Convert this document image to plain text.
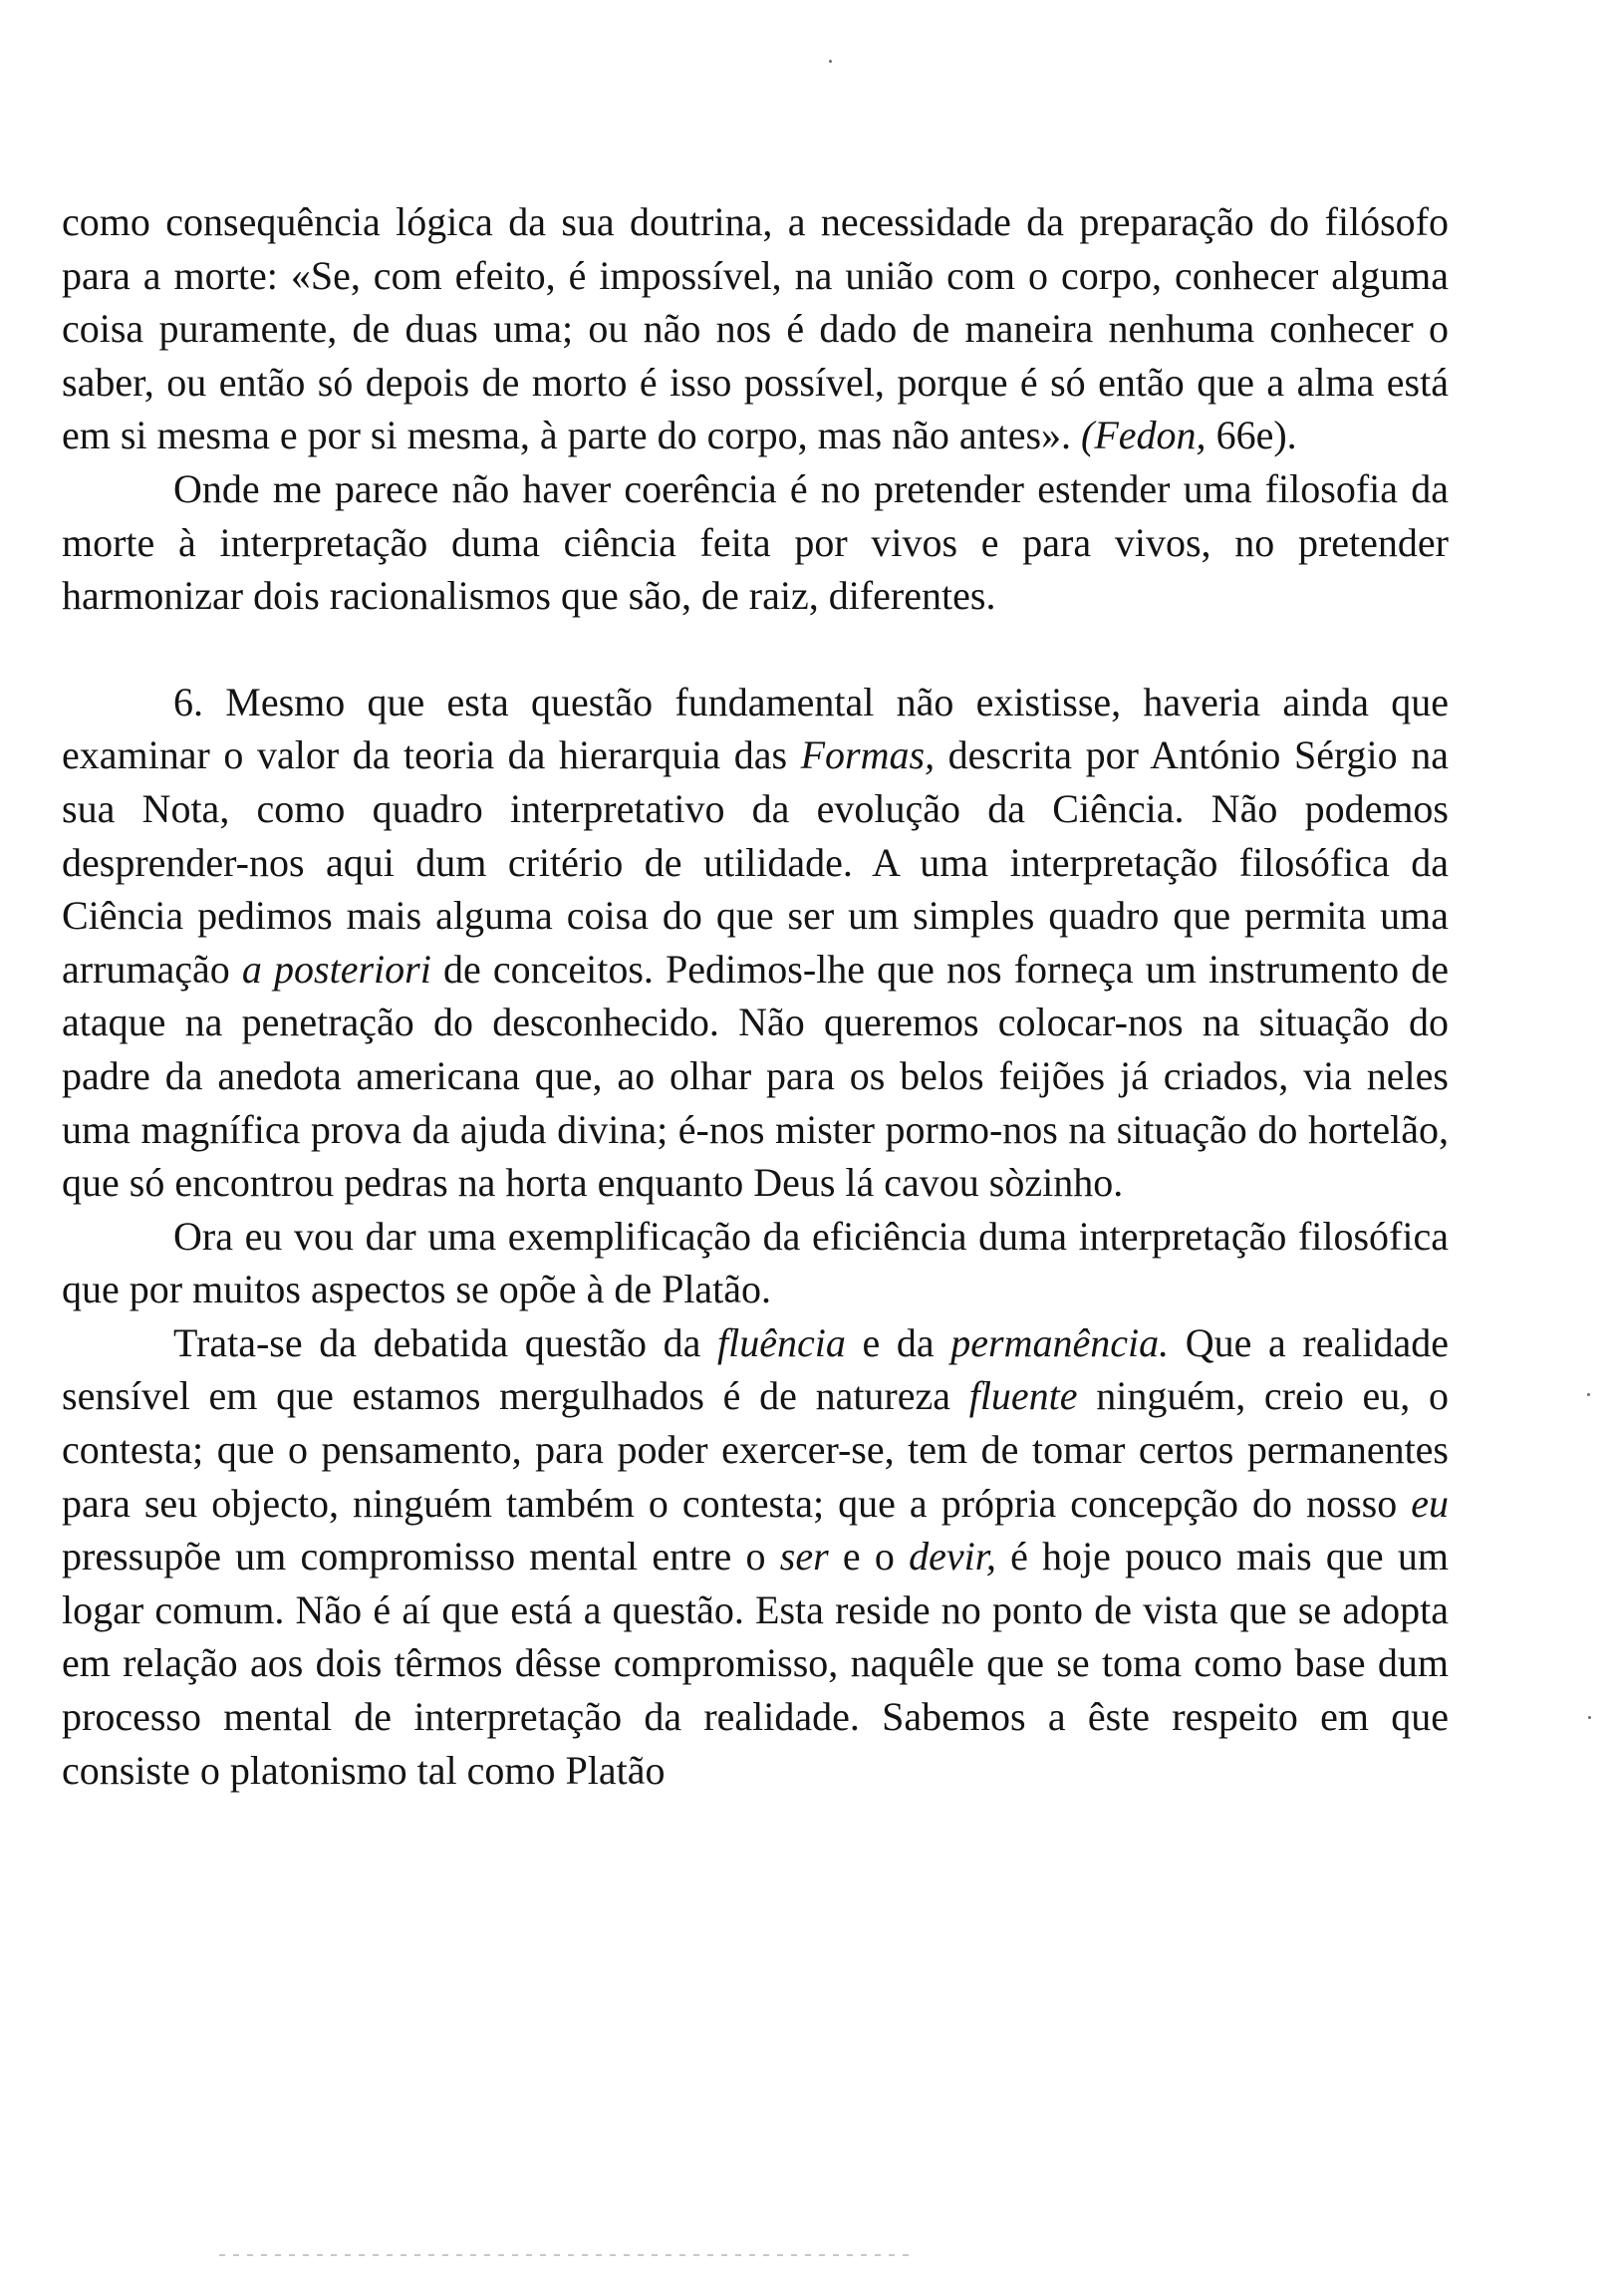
como consequência lógica da sua doutrina, a necessidade da preparação do filósofo para a morte: «Se, com efeito, é impossível, na união com o corpo, conhecer alguma coisa puramente, de duas uma; ou não nos é dado de maneira nenhuma conhecer o saber, ou então só depois de morto é isso possível, porque é só então que a alma está em si mesma e por si mesma, à parte do corpo, mas não antes». (Fedon, 66e).

Onde me parece não haver coerência é no pretender estender uma filosofia da morte à interpretação duma ciência feita por vivos e para vivos, no pretender harmonizar dois racionalismos que são, de raiz, diferentes.

6. Mesmo que esta questão fundamental não existisse, haveria ainda que examinar o valor da teoria da hierarquia das Formas, descrita por António Sérgio na sua Nota, como quadro interpretativo da evolução da Ciência. Não podemos desprender-nos aqui dum critério de utilidade. A uma interpretação filosófica da Ciência pedimos mais alguma coisa do que ser um simples quadro que permita uma arrumação a posteriori de conceitos. Pedimos-lhe que nos forneça um instrumento de ataque na penetração do desconhecido. Não queremos colocar-nos na situação do padre da anedota americana que, ao olhar para os belos feijões já criados, via neles uma magnífica prova da ajuda divina; é-nos mister pormo-nos na situação do hortelão, que só encontrou pedras na horta enquanto Deus lá cavou sòzinho.

Ora eu vou dar uma exemplificação da eficiência duma interpretação filosófica que por muitos aspectos se opõe à de Platão.

Trata-se da debatida questão da fluência e da permanência. Que a realidade sensível em que estamos mergulhados é de natureza fluente ninguém, creio eu, o contesta; que o pensamento, para poder exercer-se, tem de tomar certos permanentes para seu objecto, ninguém também o contesta; que a própria concepção do nosso eu pressupõe um compromisso mental entre o ser e o devir, é hoje pouco mais que um logar comum. Não é aí que está a questão. Esta reside no ponto de vista que se adopta em relação aos dois têrmos dêsse compromisso, naquêle que se toma como base dum processo mental de interpretação da realidade. Sabemos a êste respeito em que consiste o platonismo tal como Platão
